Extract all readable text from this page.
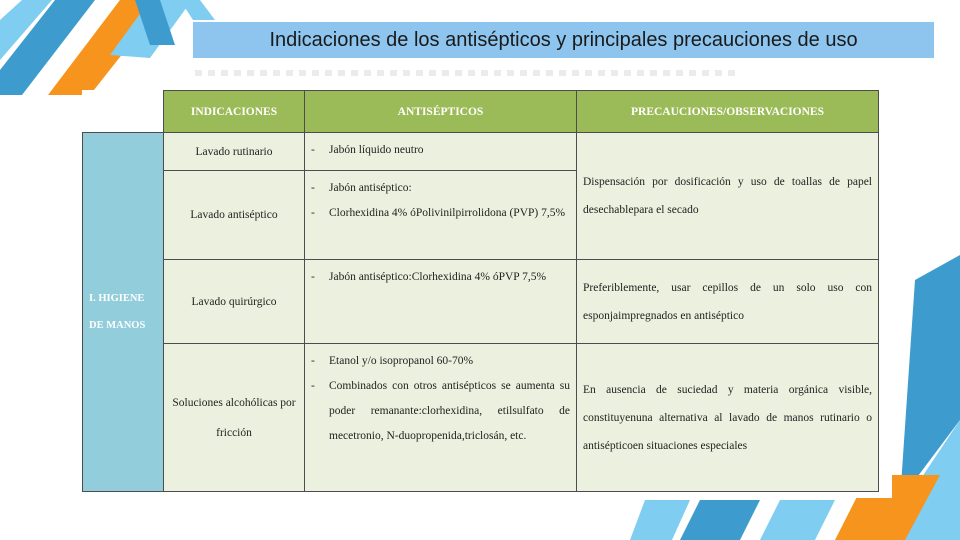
Indicaciones de los antisépticos y principales precauciones de uso
	INDICACIONES	ANTISÉPTICOS	PRECAUCIONES/OBSERVACIONES
I. HIGIENE DE MANOS	Lavado rutinario	- Jabón líquido neutro	Dispensación por dosificación y uso de toallas de papel desechablepara el secado
	Lavado antiséptico	- Jabón antiséptico:
- Clorhexidina 4% óPolivinilpirrolidona (PVP) 7,5%	

	Lavado quirúrgico	- Jabón antiséptico:Clorhexidina 4% óPVP 7,5%	Preferiblemente, usar cepillos de un solo uso con esponjaimpregnados en antiséptico
	Soluciones alcohólicas por fricción	- Etanol y/o isopropanol 60-70%
- Combinados con otros antisépticos se aumenta su poder remanante:clorhexidina, etilsulfato de mecetronio, N-duopropenida,triclosán, etc.	En ausencia de suciedad y materia orgánica visible, constituyenuna alternativa al lavado de manos rutinario o antisépticoen situaciones especiales
